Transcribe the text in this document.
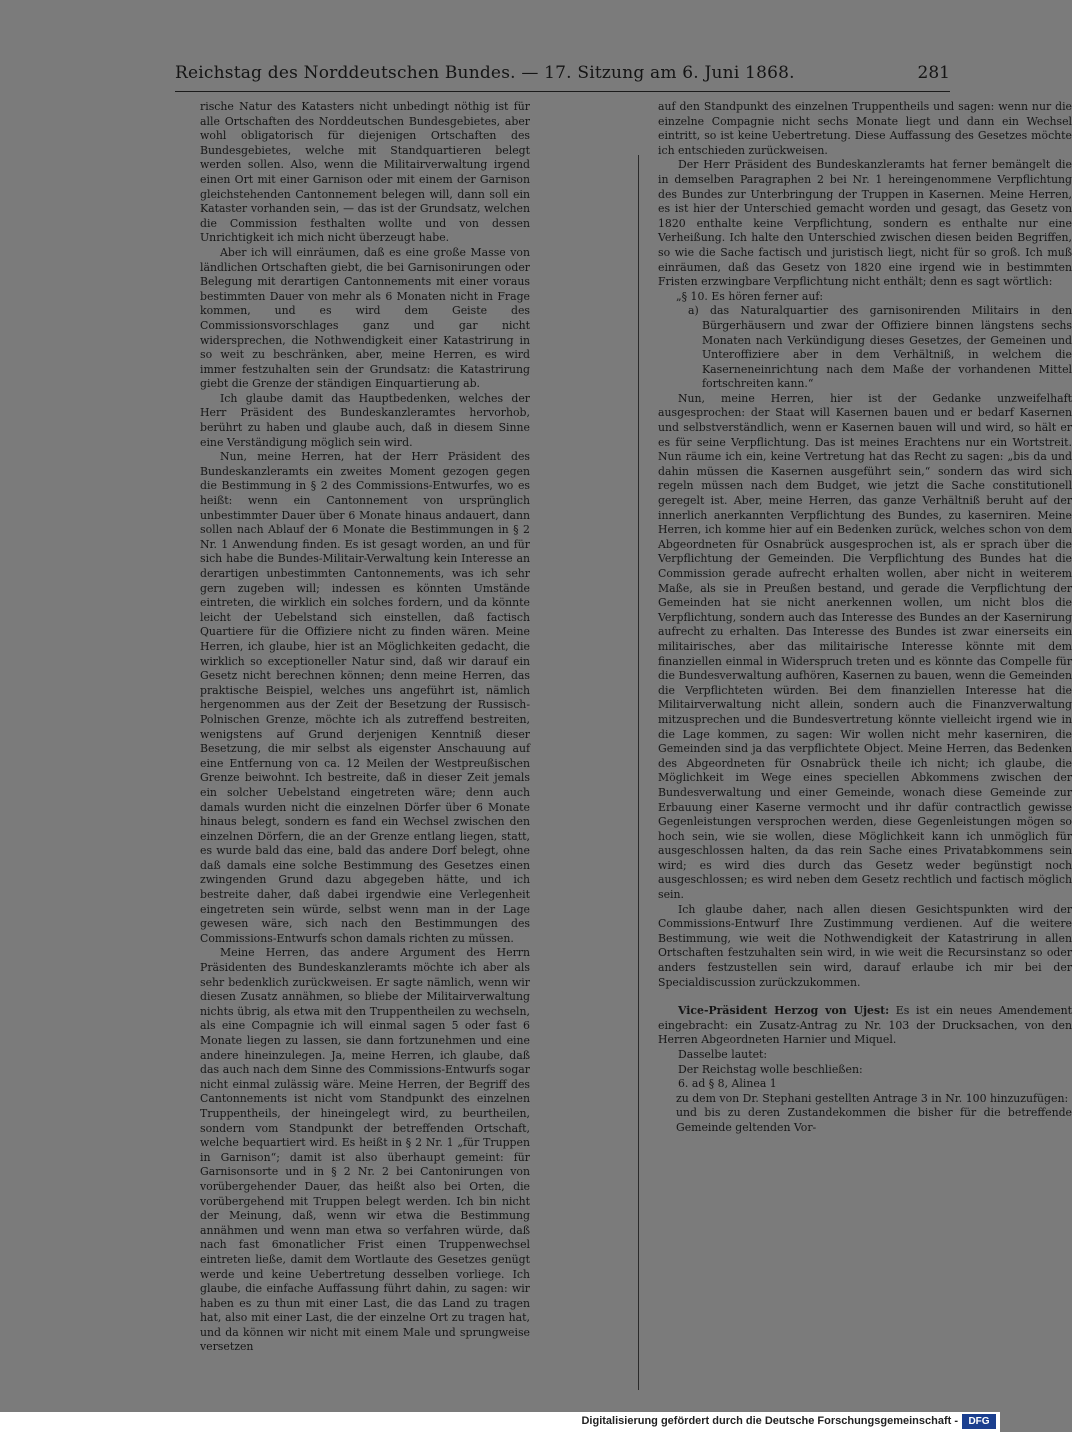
Reichstag des Norddeutschen Bundes. — 17. Sitzung am 6. Juni 1868.	281

rische Natur des Katasters nicht unbedingt nöthig ist für alle Ortschaften des Norddeutschen Bundesgebietes, aber wohl obligatorisch für diejenigen Ortschaften des Bundesgebietes, welche mit Standquartieren belegt werden sollen. Also, wenn die Militairverwaltung irgend einen Ort mit einer Garnison oder mit einem der Garnison gleichstehenden Cantonnement belegen will, dann soll ein Kataster vorhanden sein, — das ist der Grundsatz, welchen die Commission festhalten wollte und von dessen Unrichtigkeit ich mich nicht überzeugt habe.

Aber ich will einräumen, daß es eine große Masse von ländlichen Ortschaften giebt, die bei Garnisonirungen oder Belegung mit derartigen Cantonnements mit einer voraus bestimmten Dauer von mehr als 6 Monaten nicht in Frage kommen, und es wird dem Geiste des Commissionsvorschlages ganz und gar nicht widersprechen, die Nothwendigkeit einer Katastrirung in so weit zu beschränken, aber, meine Herren, es wird immer festzuhalten sein der Grundsatz: die Katastrirung giebt die Grenze der ständigen Einquartierung ab.

Ich glaube damit das Hauptbedenken, welches der Herr Präsident des Bundeskanzleramtes hervorhob, berührt zu haben und glaube auch, daß in diesem Sinne eine Verständigung möglich sein wird.

Nun, meine Herren, hat der Herr Präsident des Bundeskanzleramts ein zweites Moment gezogen gegen die Bestimmung in § 2 des Commissions-Entwurfes, wo es heißt: wenn ein Cantonnement von ursprünglich unbestimmter Dauer über 6 Monate hinaus andauert, dann sollen nach Ablauf der 6 Monate die Bestimmungen in § 2 Nr. 1 Anwendung finden. Es ist gesagt worden, an und für sich habe die Bundes-Militair-Verwaltung kein Interesse an derartigen unbestimmten Cantonnements, was ich sehr gern zugeben will; indessen es könnten Umstände eintreten, die wirklich ein solches fordern, und da könnte leicht der Uebelstand sich einstellen, daß factisch Quartiere für die Offiziere nicht zu finden wären. Meine Herren, ich glaube, hier ist an Möglichkeiten gedacht, die wirklich so exceptioneller Natur sind, daß wir darauf ein Gesetz nicht berechnen können; denn meine Herren, das praktische Beispiel, welches uns angeführt ist, nämlich hergenommen aus der Zeit der Besetzung der Russisch-Polnischen Grenze, möchte ich als zutreffend bestreiten, wenigstens auf Grund derjenigen Kenntniß dieser Besetzung, die mir selbst als eigenster Anschauung auf eine Entfernung von ca. 12 Meilen der Westpreußischen Grenze beiwohnt. Ich bestreite, daß in dieser Zeit jemals ein solcher Uebelstand eingetreten wäre; denn auch damals wurden nicht die einzelnen Dörfer über 6 Monate hinaus belegt, sondern es fand ein Wechsel zwischen den einzelnen Dörfern, die an der Grenze entlang liegen, statt, es wurde bald das eine, bald das andere Dorf belegt, ohne daß damals eine solche Bestimmung des Gesetzes einen zwingenden Grund dazu abgegeben hätte, und ich bestreite daher, daß dabei irgendwie eine Verlegenheit eingetreten sein würde, selbst wenn man in der Lage gewesen wäre, sich nach den Bestimmungen des Commissions-Entwurfs schon damals richten zu müssen.

Meine Herren, das andere Argument des Herrn Präsidenten des Bundeskanzleramts möchte ich aber als sehr bedenklich zurückweisen. Er sagte nämlich, wenn wir diesen Zusatz annähmen, so bliebe der Militairverwaltung nichts übrig, als etwa mit den Truppentheilen zu wechseln, als eine Compagnie ich will einmal sagen 5 oder fast 6 Monate liegen zu lassen, sie dann fortzunehmen und eine andere hineinzulegen. Ja, meine Herren, ich glaube, daß das auch nach dem Sinne des Commissions-Entwurfs sogar nicht einmal zulässig wäre. Meine Herren, der Begriff des Cantonnements ist nicht vom Standpunkt des einzelnen Truppentheils, der hineingelegt wird, zu beurtheilen, sondern vom Standpunkt der betreffenden Ortschaft, welche bequartiert wird. Es heißt in § 2 Nr. 1 „für Truppen in Garnison“; damit ist also überhaupt gemeint: für Garnisonsorte und in § 2 Nr. 2 bei Cantonirungen von vorübergehender Dauer, das heißt also bei Orten, die vorübergehend mit Truppen belegt werden. Ich bin nicht der Meinung, daß, wenn wir etwa die Bestimmung annähmen und wenn man etwa so verfahren würde, daß nach fast 6monatlicher Frist einen Truppenwechsel eintreten ließe, damit dem Wortlaute des Gesetzes genügt werde und keine Uebertretung desselben vorliege. Ich glaube, die einfache Auffassung führt dahin, zu sagen: wir haben es zu thun mit einer Last, die das Land zu tragen hat, also mit einer Last, die der einzelne Ort zu tragen hat, und da können wir nicht mit einem Male und sprungweise versetzen

auf den Standpunkt des einzelnen Truppentheils und sagen: wenn nur die einzelne Compagnie nicht sechs Monate liegt und dann ein Wechsel eintritt, so ist keine Uebertretung. Diese Auffassung des Gesetzes möchte ich entschieden zurückweisen.

Der Herr Präsident des Bundeskanzleramts hat ferner bemängelt die in demselben Paragraphen 2 bei Nr. 1 hereingenommene Verpflichtung des Bundes zur Unterbringung der Truppen in Kasernen. Meine Herren, es ist hier der Unterschied gemacht worden und gesagt, das Gesetz von 1820 enthalte keine Verpflichtung, sondern es enthalte nur eine Verheißung. Ich halte den Unterschied zwischen diesen beiden Begriffen, so wie die Sache factisch und juristisch liegt, nicht für so groß. Ich muß einräumen, daß das Gesetz von 1820 eine irgend wie in bestimmten Fristen erzwingbare Verpflichtung nicht enthält; denn es sagt wörtlich:

„§ 10. Es hören ferner auf:

a) das Naturalquartier des garnisonirenden Militairs in den Bürgerhäusern und zwar der Offiziere binnen längstens sechs Monaten nach Verkündigung dieses Gesetzes, der Gemeinen und Unteroffiziere aber in dem Verhältniß, in welchem die Kaserneneinrichtung nach dem Maße der vorhandenen Mittel fortschreiten kann.“

Nun, meine Herren, hier ist der Gedanke unzweifelhaft ausgesprochen: der Staat will Kasernen bauen und er bedarf Kasernen und selbstverständlich, wenn er Kasernen bauen will und wird, so hält er es für seine Verpflichtung. Das ist meines Erachtens nur ein Wortstreit. Nun räume ich ein, keine Vertretung hat das Recht zu sagen: „bis da und dahin müssen die Kasernen ausgeführt sein,“ sondern das wird sich regeln müssen nach dem Budget, wie jetzt die Sache constitutionell geregelt ist. Aber, meine Herren, das ganze Verhältniß beruht auf der innerlich anerkannten Verpflichtung des Bundes, zu kaserniren. Meine Herren, ich komme hier auf ein Bedenken zurück, welches schon von dem Abgeordneten für Osnabrück ausgesprochen ist, als er sprach über die Verpflichtung der Gemeinden. Die Verpflichtung des Bundes hat die Commission gerade aufrecht erhalten wollen, aber nicht in weiterem Maße, als sie in Preußen bestand, und gerade die Verpflichtung der Gemeinden hat sie nicht anerkennen wollen, um nicht blos die Verpflichtung, sondern auch das Interesse des Bundes an der Kasernirung aufrecht zu erhalten. Das Interesse des Bundes ist zwar einerseits ein militairisches, aber das militairische Interesse könnte mit dem finanziellen einmal in Widerspruch treten und es könnte das Compelle für die Bundesverwaltung aufhören, Kasernen zu bauen, wenn die Gemeinden die Verpflichteten würden. Bei dem finanziellen Interesse hat die Militairverwaltung nicht allein, sondern auch die Finanzverwaltung mitzusprechen und die Bundesvertretung könnte vielleicht irgend wie in die Lage kommen, zu sagen: Wir wollen nicht mehr kaserniren, die Gemeinden sind ja das verpflichtete Object. Meine Herren, das Bedenken des Abgeordneten für Osnabrück theile ich nicht; ich glaube, die Möglichkeit im Wege eines speciellen Abkommens zwischen der Bundesverwaltung und einer Gemeinde, wonach diese Gemeinde zur Erbauung einer Kaserne vermocht und ihr dafür contractlich gewisse Gegenleistungen versprochen werden, diese Gegenleistungen mögen so hoch sein, wie sie wollen, diese Möglichkeit kann ich unmöglich für ausgeschlossen halten, da das rein Sache eines Privatabkommens sein wird; es wird dies durch das Gesetz weder begünstigt noch ausgeschlossen; es wird neben dem Gesetz rechtlich und factisch möglich sein.

Ich glaube daher, nach allen diesen Gesichtspunkten wird der Commissions-Entwurf Ihre Zustimmung verdienen. Auf die weitere Bestimmung, wie weit die Nothwendigkeit der Katastrirung in allen Ortschaften festzuhalten sein wird, in wie weit die Recursinstanz so oder anders festzustellen sein wird, darauf erlaube ich mir bei der Specialdiscussion zurückzukommen.

Vice-Präsident Herzog von Ujest: Es ist ein neues Amendement eingebracht: ein Zusatz-Antrag zu Nr. 103 der Drucksachen, von den Herren Abgeordneten Harnier und Miquel.

Dasselbe lautet:

Der Reichstag wolle beschließen:

6. ad § 8, Alinea 1

zu dem von Dr. Stephani gestellten Antrage 3 in Nr. 100 hinzuzufügen:

und bis zu deren Zustandekommen die bisher für die betreffende Gemeinde geltenden Vor-

Digitalisierung gefördert durch die Deutsche Forschungsgemeinschaft -	DFG
